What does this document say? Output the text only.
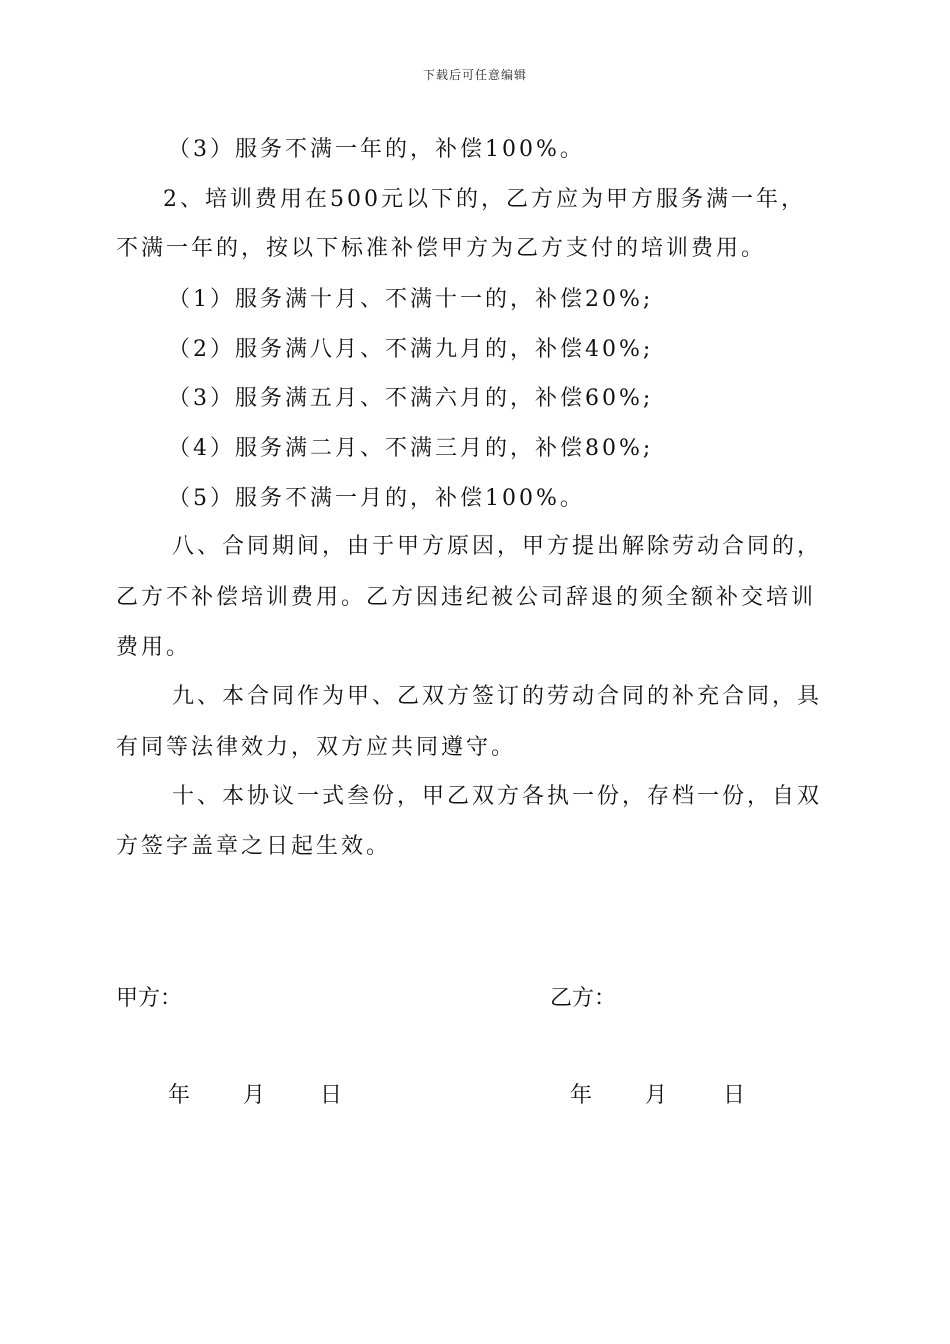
下载后可任意编辑
（3）服务不满一年的，补偿100%。
2、培训费用在500元以下的，乙方应为甲方服务满一年，
不满一年的，按以下标准补偿甲方为乙方支付的培训费用。
（1）服务满十月、不满十一的，补偿20%;
（2）服务满八月、不满九月的，补偿40%;
（3）服务满五月、不满六月的，补偿60%;
（4）服务满二月、不满三月的，补偿80%;
（5）服务不满一月的，补偿100%。
八、合同期间，由于甲方原因，甲方提出解除劳动合同的，
乙方不补偿培训费用。乙方因违纪被公司辞退的须全额补交培训
费用。
九、本合同作为甲、乙双方签订的劳动合同的补充合同，具
有同等法律效力，双方应共同遵守。
十、本协议一式叁份，甲乙双方各执一份，存档一份，自双
方签字盖章之日起生效。
甲方：	乙方：
年 月 日	年 月	日
